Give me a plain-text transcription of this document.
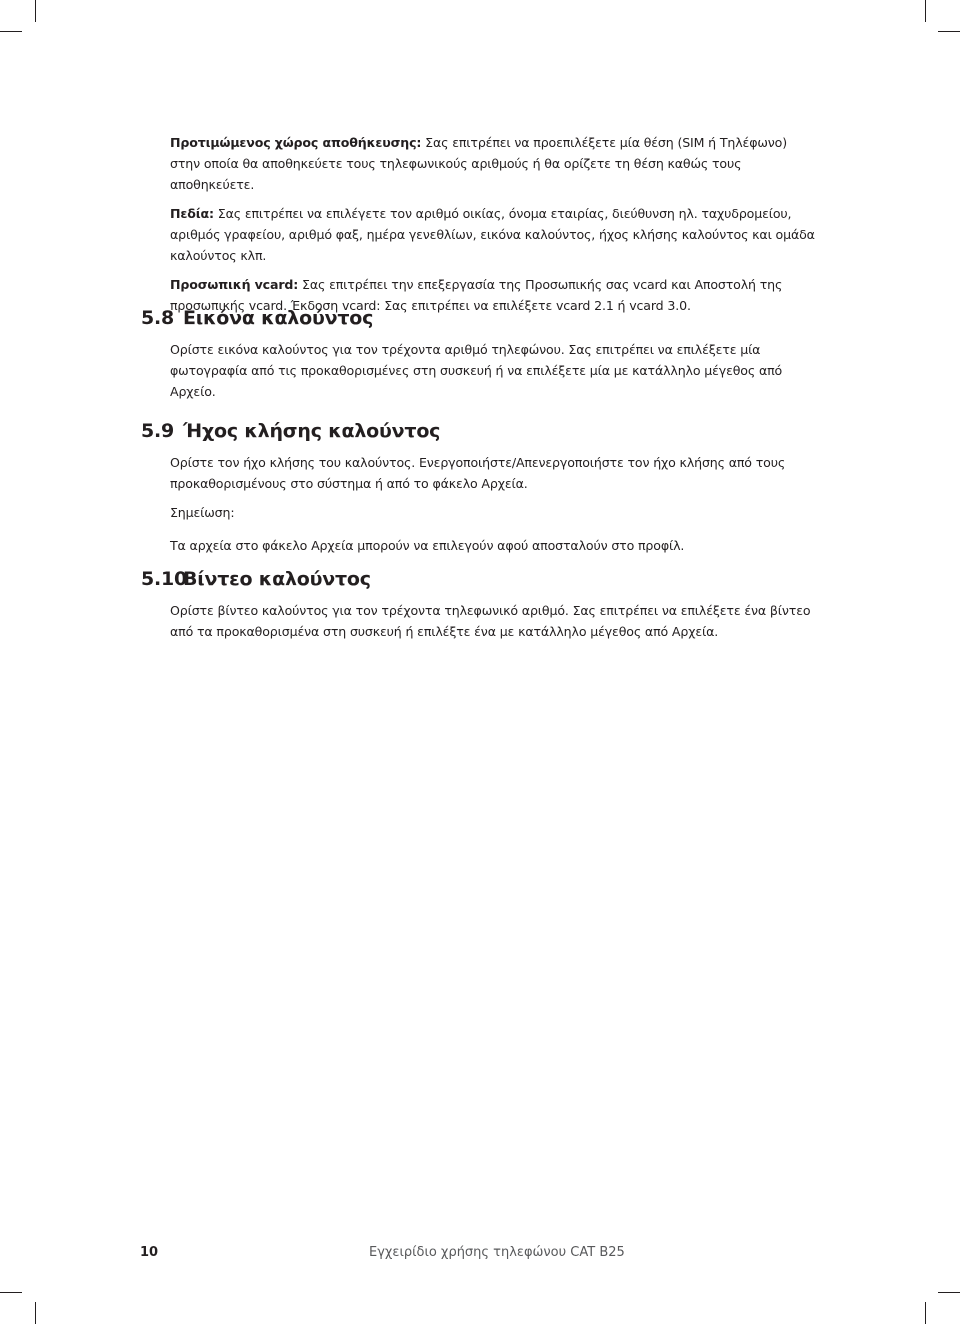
Προτιμώμενος χώρος αποθήκευσης: Σας επιτρέπει να προεπιλέξετε μία θέση (SIM ή Τηλέφωνο) στην οποία θα αποθηκεύετε τους τηλεφωνικούς αριθμούς ή θα ορίζετε τη θέση καθώς τους αποθηκεύετε.

Πεδία: Σας επιτρέπει να επιλέγετε τον αριθμό οικίας, όνομα εταιρίας, διεύθυνση ηλ. ταχυδρομείου, αριθμός γραφείου, αριθμό φαξ, ημέρα γενεθλίων, εικόνα καλούντος, ήχος κλήσης καλούντος και ομάδα καλούντος κλπ.

Προσωπική vcard: Σας επιτρέπει την επεξεργασία της Προσωπικής σας vcard και Αποστολή της προσωπικής vcard. Έκδοση vcard: Σας επιτρέπει να επιλέξετε vcard 2.1 ή vcard 3.0.

5.8 Εικόνα καλούντος

Ορίστε εικόνα καλούντος για τον τρέχοντα αριθμό τηλεφώνου. Σας επιτρέπει να επιλέξετε μία φωτογραφία από τις προκαθορισμένες στη συσκευή ή να επιλέξετε μία με κατάλληλο μέγεθος από Αρχείο.

5.9 Ήχος κλήσης καλούντος

Ορίστε τον ήχο κλήσης του καλούντος. Ενεργοποιήστε/Απενεργοποιήστε τον ήχο κλήσης από τους προκαθορισμένους στο σύστημα ή από το φάκελο Αρχεία.

Σημείωση:

Τα αρχεία στο φάκελο Αρχεία μπορούν να επιλεγούν αφού αποσταλούν στο προφίλ.

5.10Βίντεο καλούντος

Ορίστε βίντεο καλούντος για τον τρέχοντα τηλεφωνικό αριθμό. Σας επιτρέπει να επιλέξετε ένα βίντεο από τα προκαθορισμένα στη συσκευή ή επιλέξτε ένα με κατάλληλο μέγεθος από Αρχεία.

10	Εγχειρίδιο χρήσης τηλεφώνου CAT B25
